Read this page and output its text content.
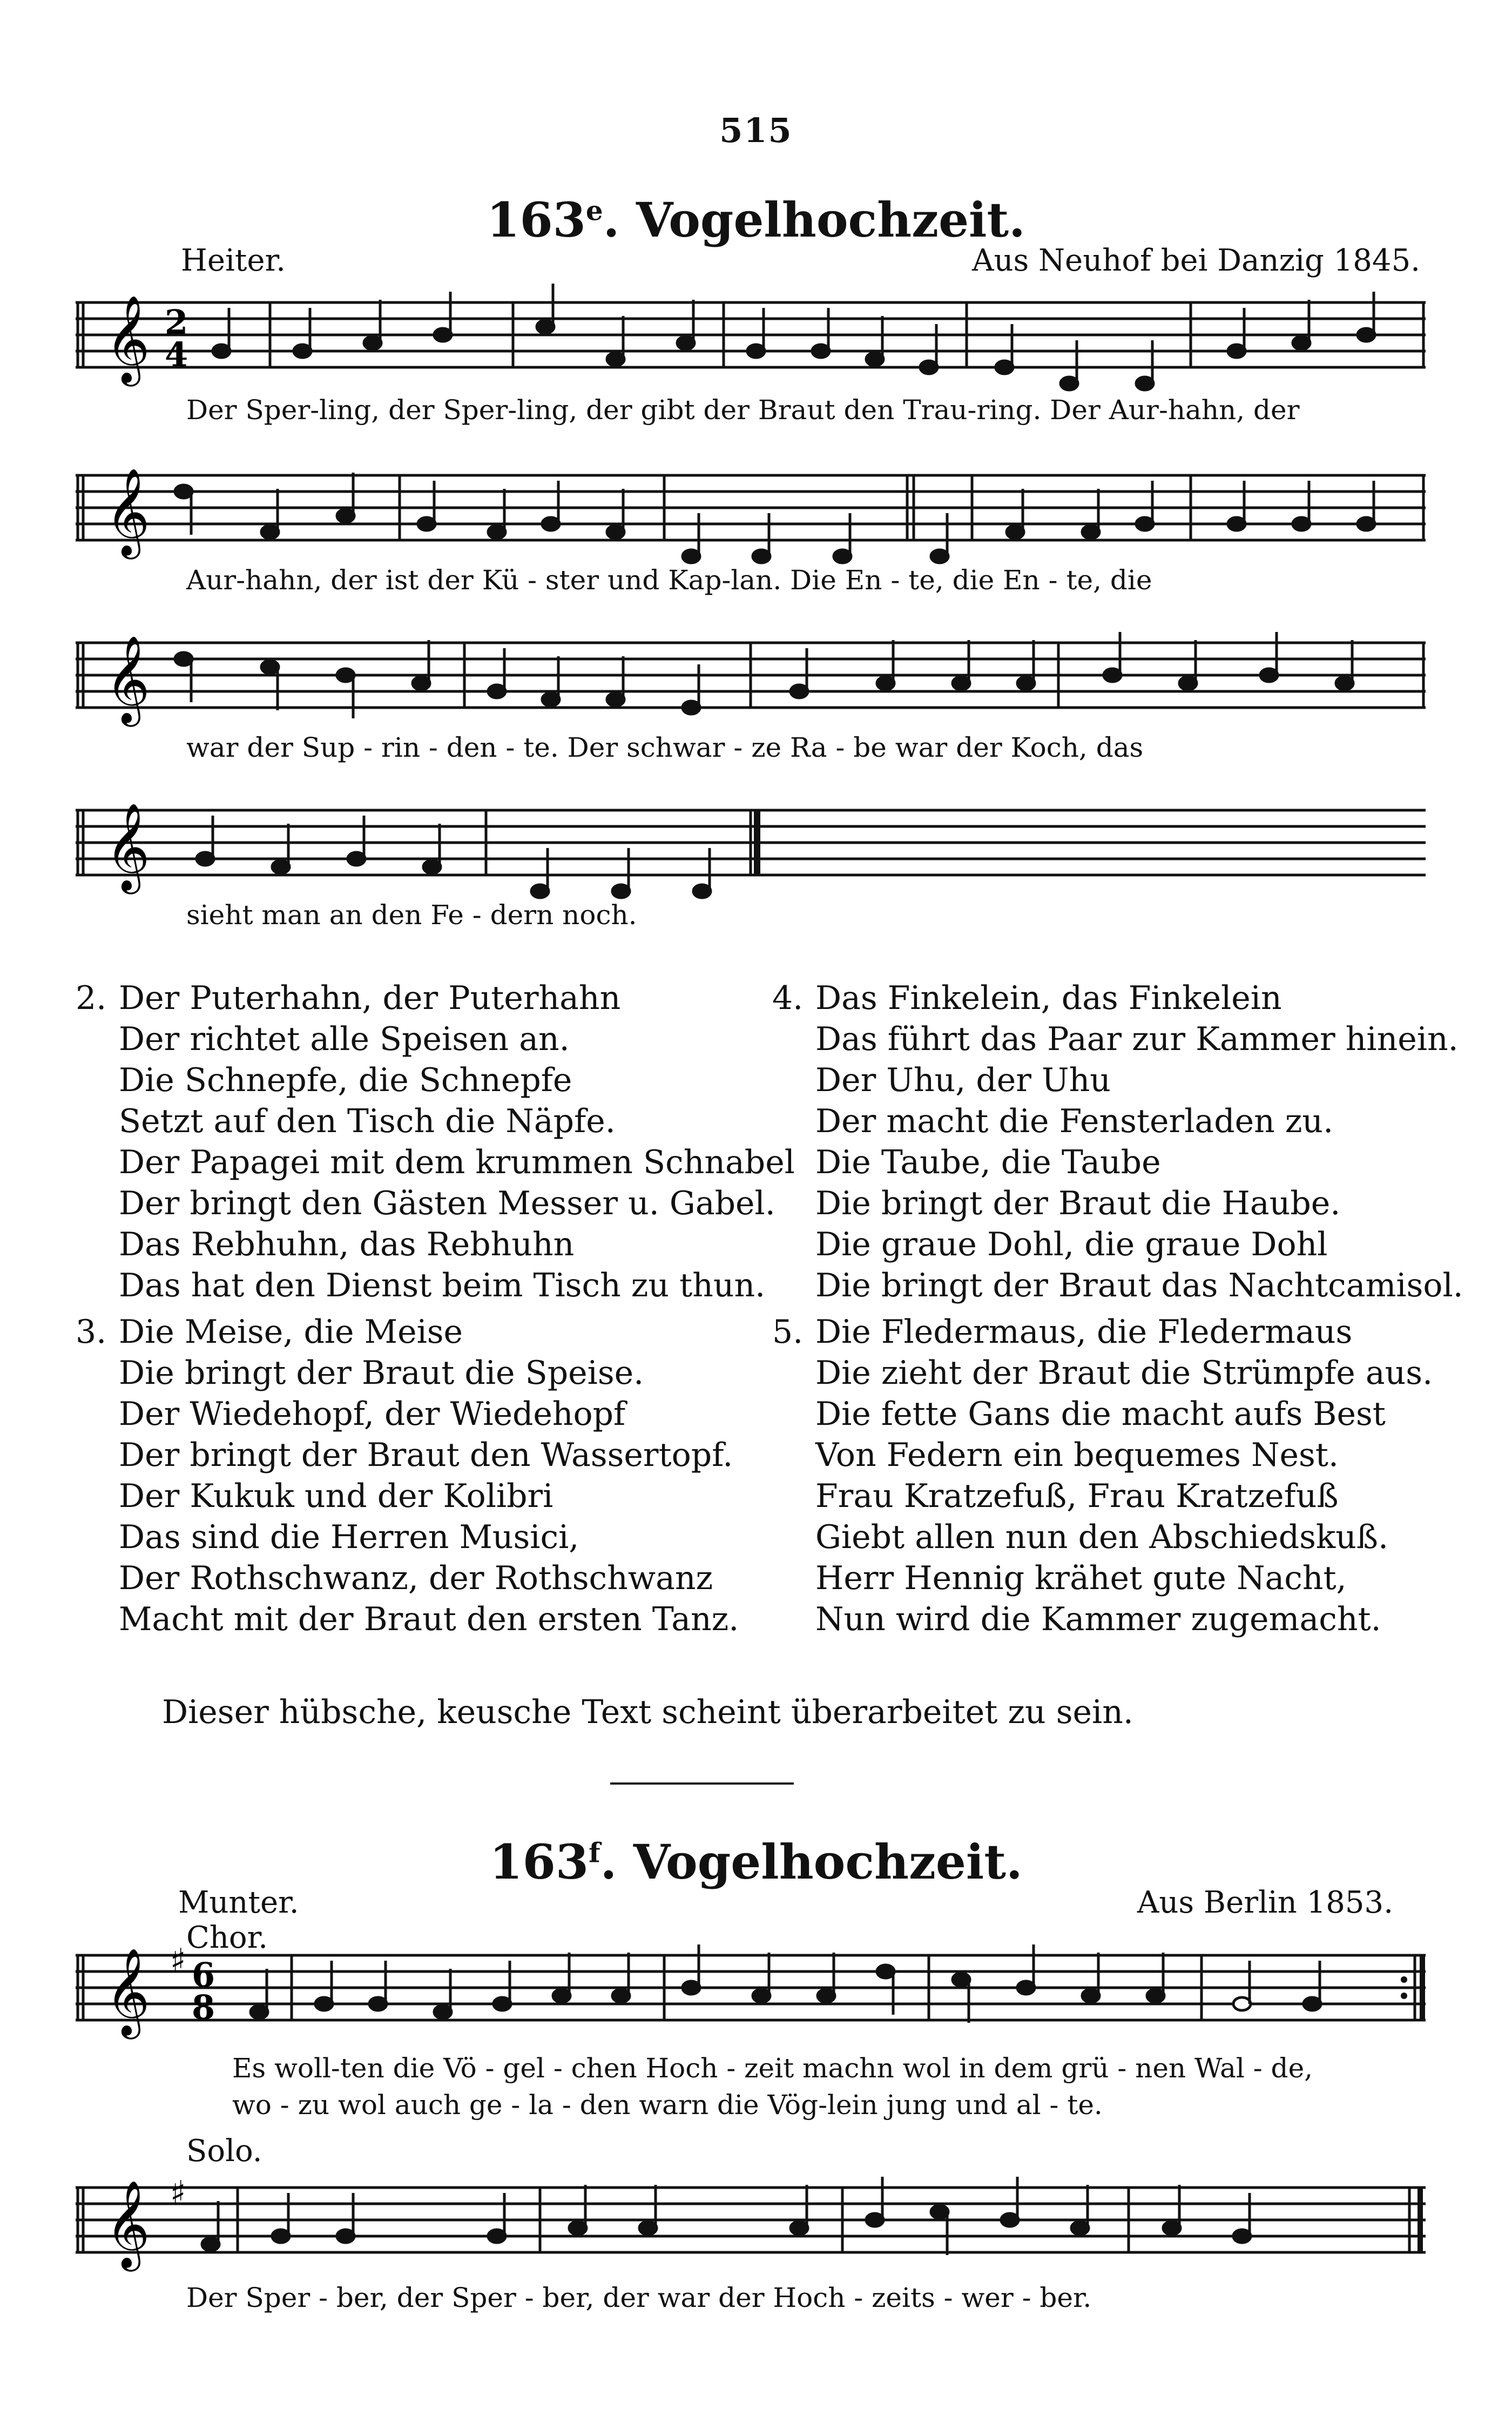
515
163e. Vogelhochzeit.
Heiter.	Aus Neuhof bei Danzig 1845.
𝄞 2
4
Der Sper-ling, der Sper-ling, der gibt der Braut den Trau-ring. Der Aur-hahn, der
𝄞
Aur-hahn, der ist der Kü - ster und Kap-lan. Die En - te, die En - te, die
𝄞
war der Sup - rin - den - te. Der schwar - ze Ra - be war der Koch, das
𝄞
sieht man an den Fe - dern noch.
2. Der Puterhahn, der Puterhahn
Der richtet alle Speisen an.
Die Schnepfe, die Schnepfe
Setzt auf den Tisch die Näpfe.
Der Papagei mit dem krummen Schnabel
Der bringt den Gästen Messer u. Gabel.
Das Rebhuhn, das Rebhuhn
Das hat den Dienst beim Tisch zu thun.
3. Die Meise, die Meise
Die bringt der Braut die Speise.
Der Wiedehopf, der Wiedehopf
Der bringt der Braut den Wassertopf.
Der Kukuk und der Kolibri
Das sind die Herren Musici,
Der Rothschwanz, der Rothschwanz
Macht mit der Braut den ersten Tanz.
4. Das Finkelein, das Finkelein
Das führt das Paar zur Kammer hinein.
Der Uhu, der Uhu
Der macht die Fensterladen zu.
Die Taube, die Taube
Die bringt der Braut die Haube.
Die graue Dohl, die graue Dohl
Die bringt der Braut das Nachtcamisol.
5. Die Fledermaus, die Fledermaus
Die zieht der Braut die Strümpfe aus.
Die fette Gans die macht aufs Best
Von Federn ein bequemes Nest.
Frau Kratzefuß, Frau Kratzefuß
Giebt allen nun den Abschiedskuß.
Herr Hennig krähet gute Nacht,
Nun wird die Kammer zugemacht.
Dieser hübsche, keusche Text scheint überarbeitet zu sein.
163$^f$. Vogelhochzeit.
Munter.
Chor.
Aus Berlin 1853.
𝄞 ♯ 6
8
Es woll-ten die Vö - gel - chen Hoch - zeit machn wol in dem grü - nen Wal - de,
wo - zu wol auch ge - la - den warn die Vög-lein jung und al - te.
Solo.
𝄞 ♯
Der Sper - ber, der Sper - ber, der war der Hoch - zeits - wer - ber.
